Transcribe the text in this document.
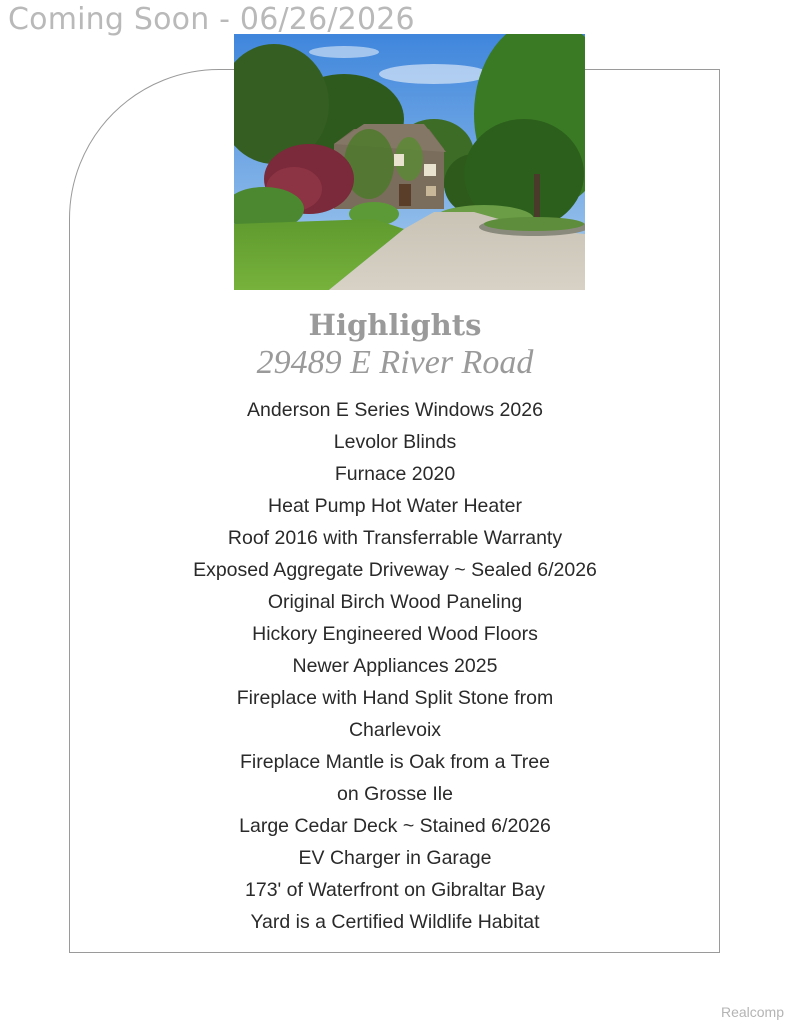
Coming Soon - 06/26/2026
Highlights
29489 E River Road
Anderson E Series Windows 2026
Levolor Blinds
Furnace 2020
Heat Pump Hot Water Heater
Roof 2016 with Transferrable Warranty
Exposed Aggregate Driveway ~ Sealed 6/2026
Original Birch Wood Paneling
Hickory Engineered Wood Floors
Newer Appliances 2025
Fireplace with Hand Split Stone from
Charlevoix
Fireplace Mantle is Oak from a Tree
on Grosse Ile
Large Cedar Deck ~ Stained 6/2026
EV Charger in Garage
173' of Waterfront on Gibraltar Bay
Yard is a Certified Wildlife Habitat
Realcomp
